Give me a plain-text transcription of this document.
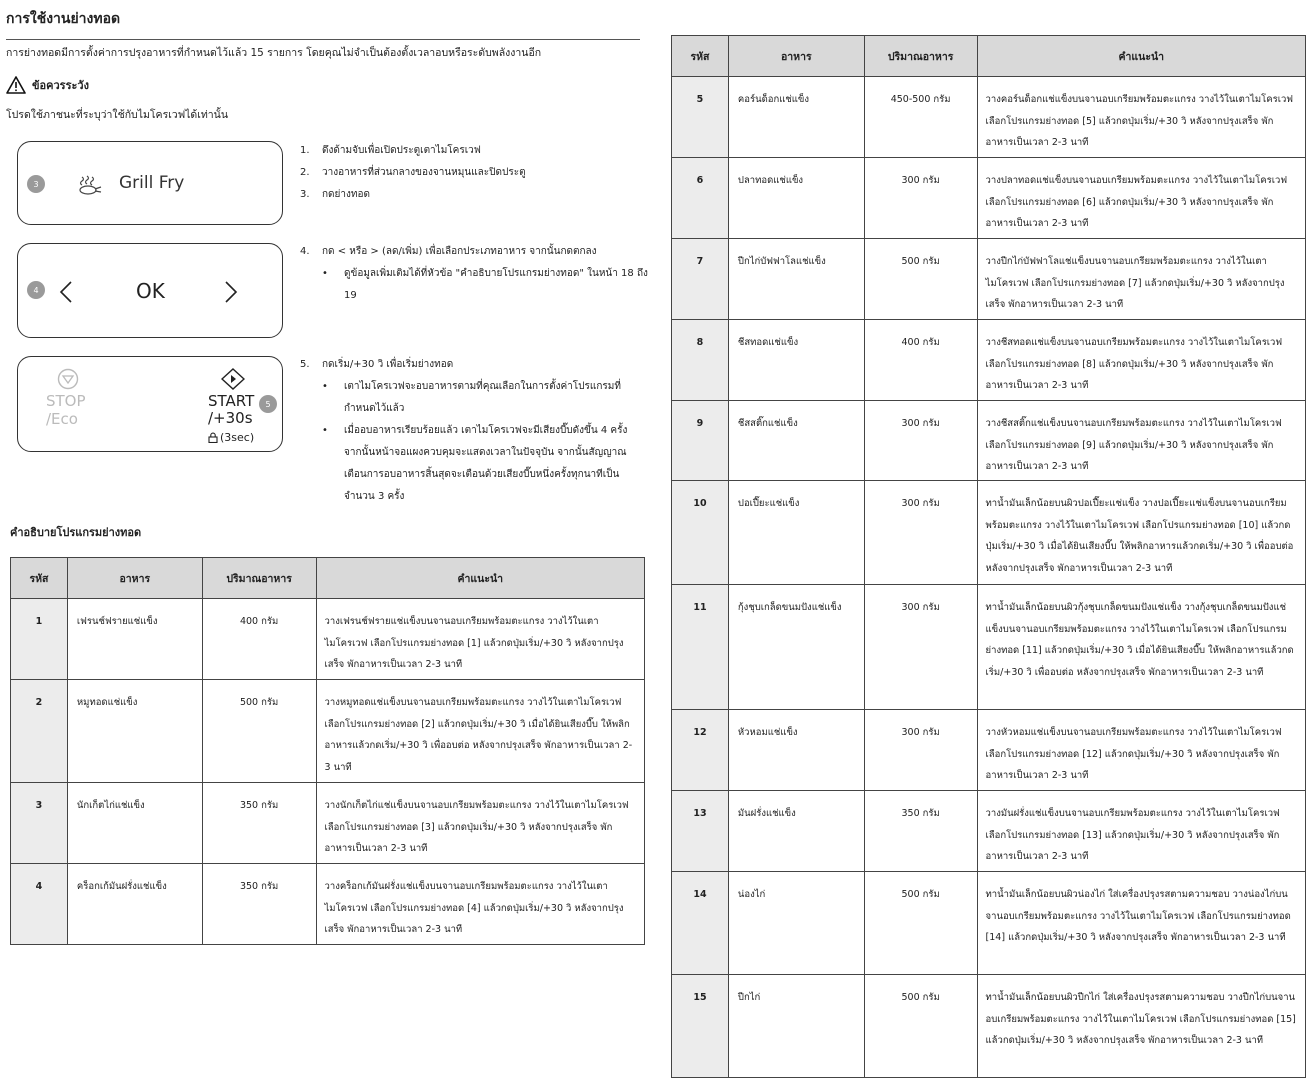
การใช้งานย่างทอด
การย่างทอดมีการตั้งค่าการปรุงอาหารที่กำหนดไว้แล้ว 15 รายการ โดยคุณไม่จำเป็นต้องตั้งเวลาอบหรือระดับพลังงานอีก
ข้อควรระวัง
โปรดใช้ภาชนะที่ระบุว่าใช้กับไมโครเวฟได้เท่านั้น
3	Grill Fry
4	OK
STOP
/Eco
START
/+30s
(3sec)
5
1. ดึงด้ามจับเพื่อเปิดประตูเตาไมโครเวฟ
2. วางอาหารที่ส่วนกลางของจานหมุนและปิดประตู
3. กดย่างทอด
4. กด < หรือ > (ลด/เพิ่ม) เพื่อเลือกประเภทอาหาร จากนั้นกดตกลง
• ดูข้อมูลเพิ่มเติมได้ที่หัวข้อ "คำอธิบายโปรแกรมย่างทอด" ในหน้า 18 ถึง 19
5. กดเริ่ม/+30 วิ เพื่อเริ่มย่างทอด
• เตาไมโครเวฟจะอบอาหารตามที่คุณเลือกในการตั้งค่าโปรแกรมที่กำหนดไว้แล้ว
• เมื่ออบอาหารเรียบร้อยแล้ว เตาไมโครเวฟจะมีเสียงบี๊บดังขึ้น 4 ครั้ง จากนั้นหน้าจอแผงควบคุมจะแสดงเวลาในปัจจุบัน จากนั้นสัญญาณเตือนการอบอาหารสิ้นสุดจะเตือนด้วยเสียงบี๊บหนึ่งครั้งทุกนาทีเป็นจำนวน 3 ครั้ง
คำอธิบายโปรแกรมย่างทอด
รหัส	อาหาร	ปริมาณอาหาร	คำแนะนำ
1	เฟรนช์ฟรายแช่แข็ง	400 กรัม	วางเฟรนช์ฟรายแช่แข็งบนจานอบเกรียมพร้อมตะแกรง วางไว้ในเตาไมโครเวฟ เลือกโปรแกรมย่างทอด [1] แล้วกดปุ่มเริ่ม/+30 วิ หลังจากปรุงเสร็จ พักอาหารเป็นเวลา 2-3 นาที
2	หมูทอดแช่แข็ง	500 กรัม	วางหมูทอดแช่แข็งบนจานอบเกรียมพร้อมตะแกรง วางไว้ในเตาไมโครเวฟ เลือกโปรแกรมย่างทอด [2] แล้วกดปุ่มเริ่ม/+30 วิ เมื่อได้ยินเสียงบี๊บ ให้พลิกอาหารแล้วกดเริ่ม/+30 วิ เพื่ออบต่อ หลังจากปรุงเสร็จ พักอาหารเป็นเวลา 2-3 นาที
3	นักเก็ตไก่แช่แข็ง	350 กรัม	วางนักเก็ตไก่แช่แข็งบนจานอบเกรียมพร้อมตะแกรง วางไว้ในเตาไมโครเวฟ เลือกโปรแกรมย่างทอด [3] แล้วกดปุ่มเริ่ม/+30 วิ หลังจากปรุงเสร็จ พักอาหารเป็นเวลา 2-3 นาที
4	คร็อกเก้มันฝรั่งแช่แข็ง	350 กรัม	วางคร็อกเก้มันฝรั่งแช่แข็งบนจานอบเกรียมพร้อมตะแกรง วางไว้ในเตาไมโครเวฟ เลือกโปรแกรมย่างทอด [4] แล้วกดปุ่มเริ่ม/+30 วิ หลังจากปรุงเสร็จ พักอาหารเป็นเวลา 2-3 นาที
รหัส	อาหาร	ปริมาณอาหาร	คำแนะนำ
5	คอร์นด็อกแช่แข็ง	450-500 กรัม	วางคอร์นด็อกแช่แข็งบนจานอบเกรียมพร้อมตะแกรง วางไว้ในเตาไมโครเวฟ เลือกโปรแกรมย่างทอด [5] แล้วกดปุ่มเริ่ม/+30 วิ หลังจากปรุงเสร็จ พักอาหารเป็นเวลา 2-3 นาที
6	ปลาทอดแช่แข็ง	300 กรัม	วางปลาทอดแช่แข็งบนจานอบเกรียมพร้อมตะแกรง วางไว้ในเตาไมโครเวฟ เลือกโปรแกรมย่างทอด [6] แล้วกดปุ่มเริ่ม/+30 วิ หลังจากปรุงเสร็จ พักอาหารเป็นเวลา 2-3 นาที
7	ปีกไก่บัฟฟาโลแช่แข็ง	500 กรัม	วางปีกไก่บัฟฟาโลแช่แข็งบนจานอบเกรียมพร้อมตะแกรง วางไว้ในเตาไมโครเวฟ เลือกโปรแกรมย่างทอด [7] แล้วกดปุ่มเริ่ม/+30 วิ หลังจากปรุงเสร็จ พักอาหารเป็นเวลา 2-3 นาที
8	ชีสทอดแช่แข็ง	400 กรัม	วางชีสทอดแช่แข็งบนจานอบเกรียมพร้อมตะแกรง วางไว้ในเตาไมโครเวฟ เลือกโปรแกรมย่างทอด [8] แล้วกดปุ่มเริ่ม/+30 วิ หลังจากปรุงเสร็จ พักอาหารเป็นเวลา 2-3 นาที
9	ชีสสติ๊กแช่แข็ง	300 กรัม	วางชีสสติ๊กแช่แข็งบนจานอบเกรียมพร้อมตะแกรง วางไว้ในเตาไมโครเวฟ เลือกโปรแกรมย่างทอด [9] แล้วกดปุ่มเริ่ม/+30 วิ หลังจากปรุงเสร็จ พักอาหารเป็นเวลา 2-3 นาที
10	ปอเปี๊ยะแช่แข็ง	300 กรัม	ทาน้ำมันเล็กน้อยบนผิวปอเปี๊ยะแช่แข็ง วางปอเปี๊ยะแช่แข็งบนจานอบเกรียมพร้อมตะแกรง วางไว้ในเตาไมโครเวฟ เลือกโปรแกรมย่างทอด [10] แล้วกดปุ่มเริ่ม/+30 วิ เมื่อได้ยินเสียงบี๊บ ให้พลิกอาหารแล้วกดเริ่ม/+30 วิ เพื่ออบต่อ หลังจากปรุงเสร็จ พักอาหารเป็นเวลา 2-3 นาที
11	กุ้งชุบเกล็ดขนมปังแช่แข็ง	300 กรัม	ทาน้ำมันเล็กน้อยบนผิวกุ้งชุบเกล็ดขนมปังแช่แข็ง วางกุ้งชุบเกล็ดขนมปังแช่แข็งบนจานอบเกรียมพร้อมตะแกรง วางไว้ในเตาไมโครเวฟ เลือกโปรแกรมย่างทอด [11] แล้วกดปุ่มเริ่ม/+30 วิ เมื่อได้ยินเสียงบี๊บ ให้พลิกอาหารแล้วกดเริ่ม/+30 วิ เพื่ออบต่อ หลังจากปรุงเสร็จ พักอาหารเป็นเวลา 2-3 นาที
12	หัวหอมแช่แข็ง	300 กรัม	วางหัวหอมแช่แข็งบนจานอบเกรียมพร้อมตะแกรง วางไว้ในเตาไมโครเวฟ เลือกโปรแกรมย่างทอด [12] แล้วกดปุ่มเริ่ม/+30 วิ หลังจากปรุงเสร็จ พักอาหารเป็นเวลา 2-3 นาที
13	มันฝรั่งแช่แข็ง	350 กรัม	วางมันฝรั่งแช่แข็งบนจานอบเกรียมพร้อมตะแกรง วางไว้ในเตาไมโครเวฟ เลือกโปรแกรมย่างทอด [13] แล้วกดปุ่มเริ่ม/+30 วิ หลังจากปรุงเสร็จ พักอาหารเป็นเวลา 2-3 นาที
14	น่องไก่	500 กรัม	ทาน้ำมันเล็กน้อยบนผิวน่องไก่ ใส่เครื่องปรุงรสตามความชอบ วางน่องไก่บนจานอบเกรียมพร้อมตะแกรง วางไว้ในเตาไมโครเวฟ เลือกโปรแกรมย่างทอด [14] แล้วกดปุ่มเริ่ม/+30 วิ หลังจากปรุงเสร็จ พักอาหารเป็นเวลา 2-3 นาที
15	ปีกไก่	500 กรัม	ทาน้ำมันเล็กน้อยบนผิวปีกไก่ ใส่เครื่องปรุงรสตามความชอบ วางปีกไก่บนจานอบเกรียมพร้อมตะแกรง วางไว้ในเตาไมโครเวฟ เลือกโปรแกรมย่างทอด [15] แล้วกดปุ่มเริ่ม/+30 วิ หลังจากปรุงเสร็จ พักอาหารเป็นเวลา 2-3 นาที
